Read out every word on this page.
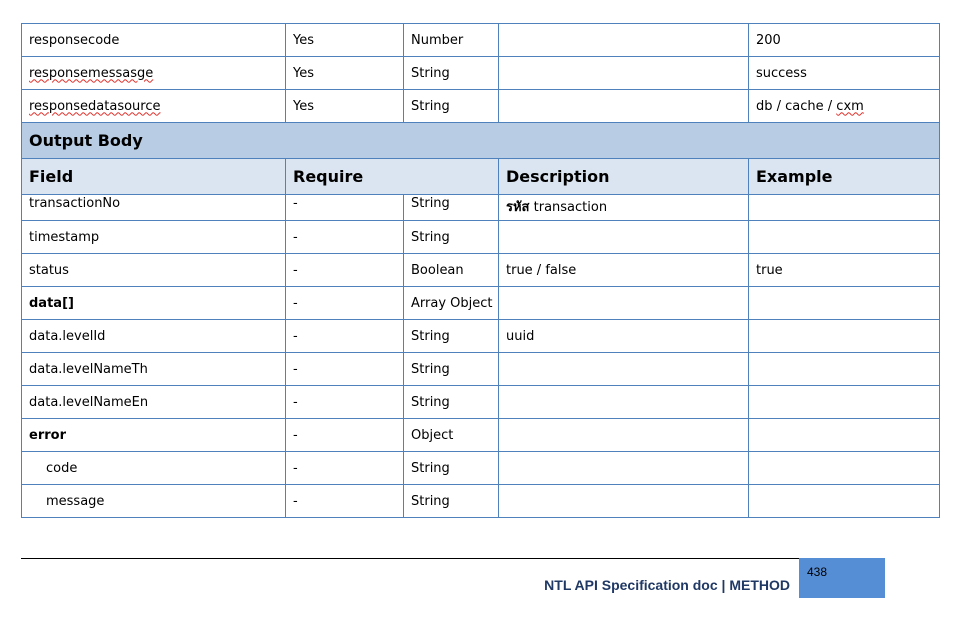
responsecode	Yes	Number		200
responsemessasge	Yes	String		success
responsedatasource	Yes	String		db / cache / cxm
Output Body				
Field	Require		Description	Example
transactionNo	-	String	รหัส transaction	
timestamp	-	String		
status	-	Boolean	true / false	true
data[]	-	Array Object		
data.levelId	-	String	uuid	
data.levelNameTh	-	String		
data.levelNameEn	-	String		
error	-	Object		
code	-	String		
message	-	String		
NTL API Specification doc | METHOD
438
